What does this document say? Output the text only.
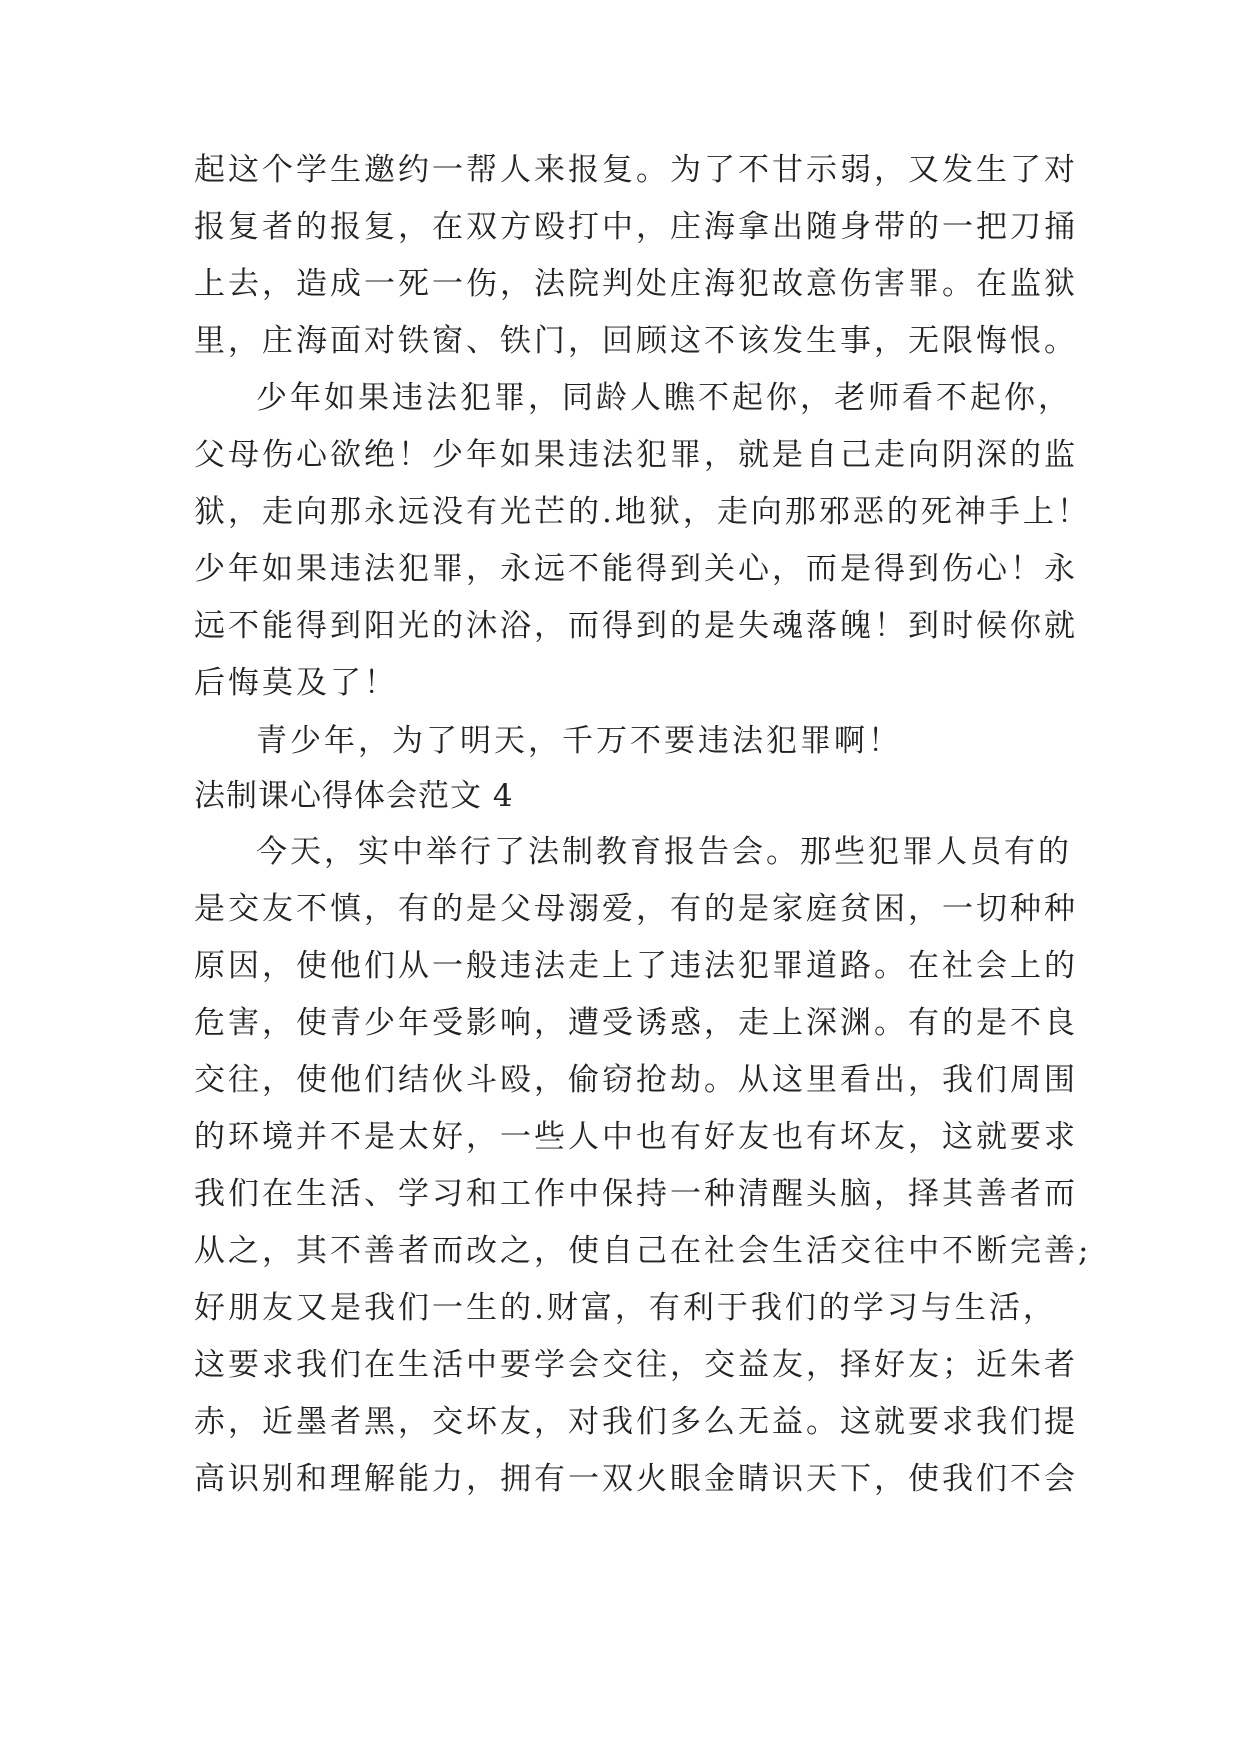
起这个学生邀约一帮人来报复。为了不甘示弱，又发生了对
报复者的报复，在双方殴打中，庄海拿出随身带的一把刀捅
上去，造成一死一伤，法院判处庄海犯故意伤害罪。在监狱
里，庄海面对铁窗、铁门，回顾这不该发生事，无限悔恨。
少年如果违法犯罪，同龄人瞧不起你，老师看不起你，
父母伤心欲绝！少年如果违法犯罪，就是自己走向阴深的监
狱，走向那永远没有光芒的.地狱，走向那邪恶的死神手上！
少年如果违法犯罪，永远不能得到关心，而是得到伤心！永
远不能得到阳光的沐浴，而得到的是失魂落魄！到时候你就
后悔莫及了！
青少年，为了明天，千万不要违法犯罪啊！
法制课心得体会范文 4
今天，实中举行了法制教育报告会。那些犯罪人员有的
是交友不慎，有的是父母溺爱，有的是家庭贫困，一切种种
原因，使他们从一般违法走上了违法犯罪道路。在社会上的
危害，使青少年受影响，遭受诱惑，走上深渊。有的是不良
交往，使他们结伙斗殴，偷窃抢劫。从这里看出，我们周围
的环境并不是太好，一些人中也有好友也有坏友，这就要求
我们在生活、学习和工作中保持一种清醒头脑，择其善者而
从之，其不善者而改之，使自己在社会生活交往中不断完善;
好朋友又是我们一生的.财富，有利于我们的学习与生活，
这要求我们在生活中要学会交往，交益友，择好友；近朱者
赤，近墨者黑，交坏友，对我们多么无益。这就要求我们提
高识别和理解能力，拥有一双火眼金睛识天下，使我们不会
